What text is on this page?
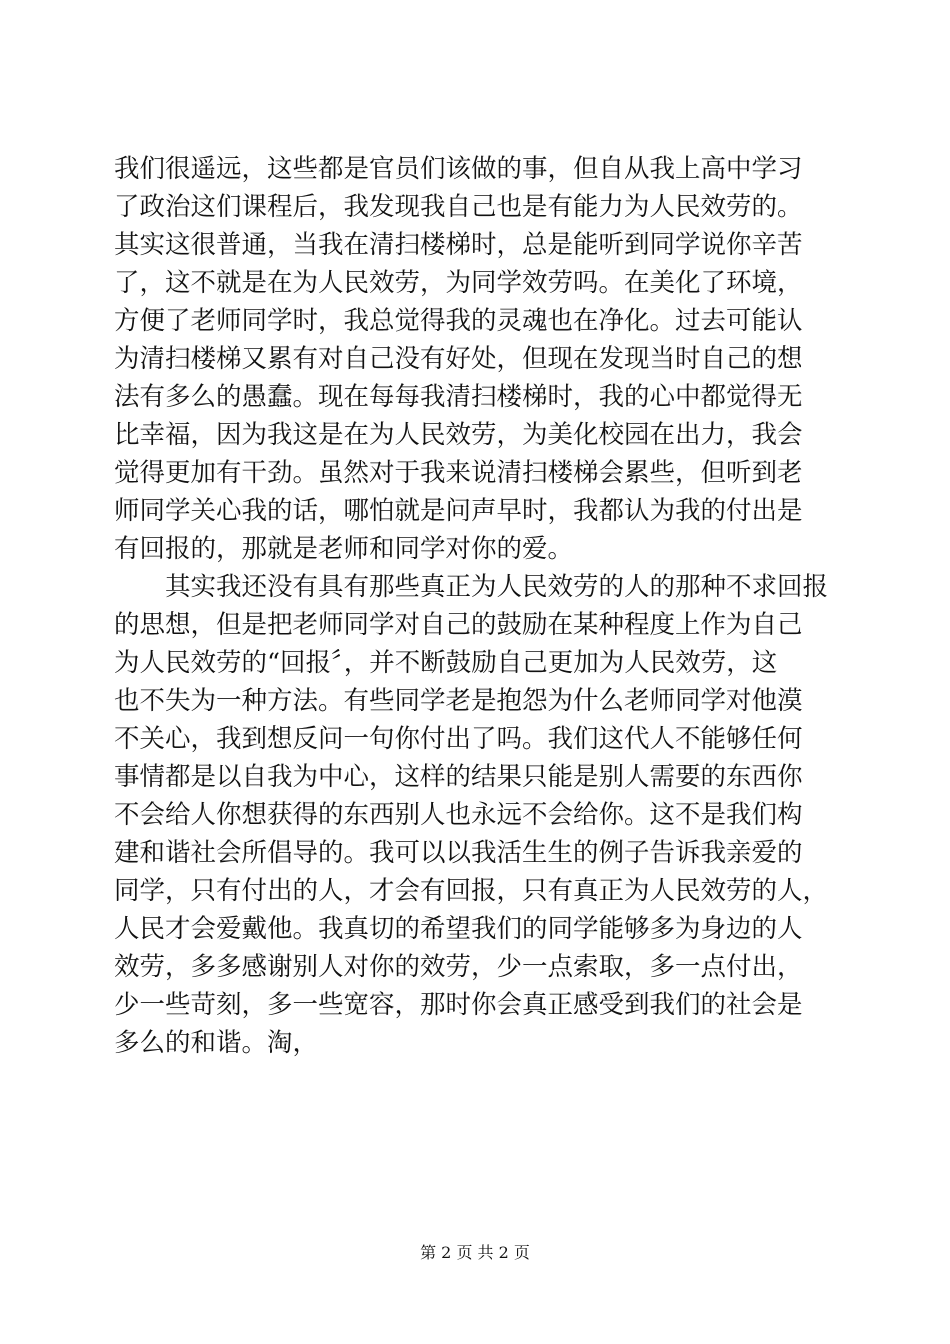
我们很遥远，这些都是官员们该做的事，但自从我上高中学习
了政治这们课程后，我发现我自己也是有能力为人民效劳的。
其实这很普通，当我在清扫楼梯时，总是能听到同学说你辛苦
了，这不就是在为人民效劳，为同学效劳吗。在美化了环境，
方便了老师同学时，我总觉得我的灵魂也在净化。过去可能认
为清扫楼梯又累有对自己没有好处，但现在发现当时自己的想
法有多么的愚蠢。现在每每我清扫楼梯时，我的心中都觉得无
比幸福，因为我这是在为人民效劳，为美化校园在出力，我会
觉得更加有干劲。虽然对于我来说清扫楼梯会累些，但听到老
师同学关心我的话，哪怕就是问声早时，我都认为我的付出是
有回报的，那就是老师和同学对你的爱。
　　其实我还没有具有那些真正为人民效劳的人的那种不求回报
的思想，但是把老师同学对自己的鼓励在某种程度上作为自己
为人民效劳的“回报〞，并不断鼓励自己更加为人民效劳，这
也不失为一种方法。有些同学老是抱怨为什么老师同学对他漠
不关心，我到想反问一句你付出了吗。我们这代人不能够任何
事情都是以自我为中心，这样的结果只能是别人需要的东西你
不会给人你想获得的东西别人也永远不会给你。这不是我们构
建和谐社会所倡导的。我可以以我活生生的例子告诉我亲爱的
同学，只有付出的人，才会有回报，只有真正为人民效劳的人，
人民才会爱戴他。我真切的希望我们的同学能够多为身边的人
效劳，多多感谢别人对你的效劳，少一点索取，多一点付出，
少一些苛刻，多一些宽容，那时你会真正感受到我们的社会是
多么的和谐。淘，
第 2 页 共 2 页
